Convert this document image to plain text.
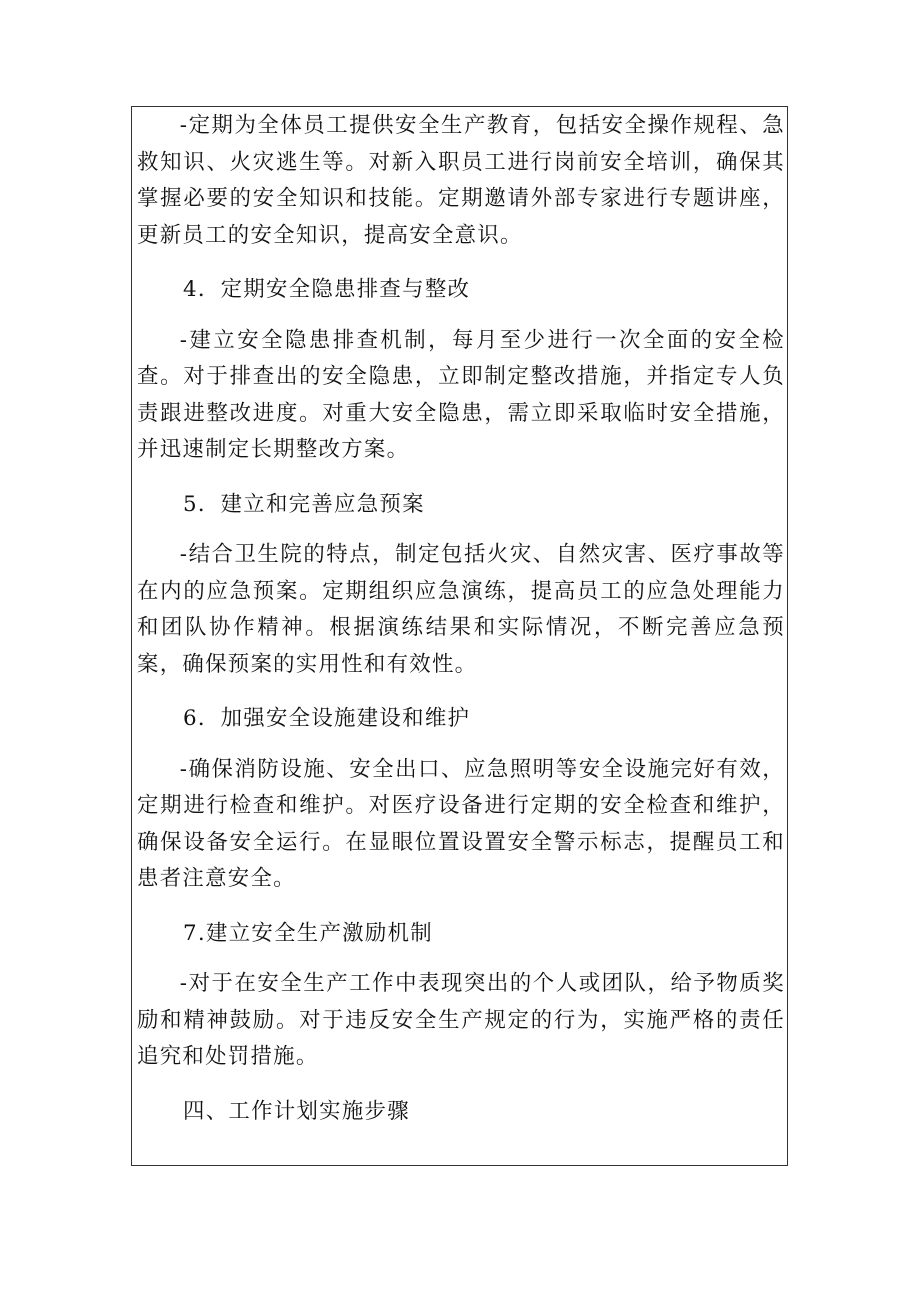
-定期为全体员工提供安全生产教育，包括安全操作规程、急救知识、火灾逃生等。对新入职员工进行岗前安全培训，确保其掌握必要的安全知识和技能。定期邀请外部专家进行专题讲座，更新员工的安全知识，提高安全意识。

4．定期安全隐患排查与整改

-建立安全隐患排查机制，每月至少进行一次全面的安全检查。对于排查出的安全隐患，立即制定整改措施，并指定专人负责跟进整改进度。对重大安全隐患，需立即采取临时安全措施，并迅速制定长期整改方案。

5．建立和完善应急预案

-结合卫生院的特点，制定包括火灾、自然灾害、医疗事故等在内的应急预案。定期组织应急演练，提高员工的应急处理能力和团队协作精神。根据演练结果和实际情况，不断完善应急预案，确保预案的实用性和有效性。

6．加强安全设施建设和维护

-确保消防设施、安全出口、应急照明等安全设施完好有效，定期进行检查和维护。对医疗设备进行定期的安全检查和维护，确保设备安全运行。在显眼位置设置安全警示标志，提醒员工和患者注意安全。

7.建立安全生产激励机制

-对于在安全生产工作中表现突出的个人或团队，给予物质奖励和精神鼓励。对于违反安全生产规定的行为，实施严格的责任追究和处罚措施。

四、工作计划实施步骤
